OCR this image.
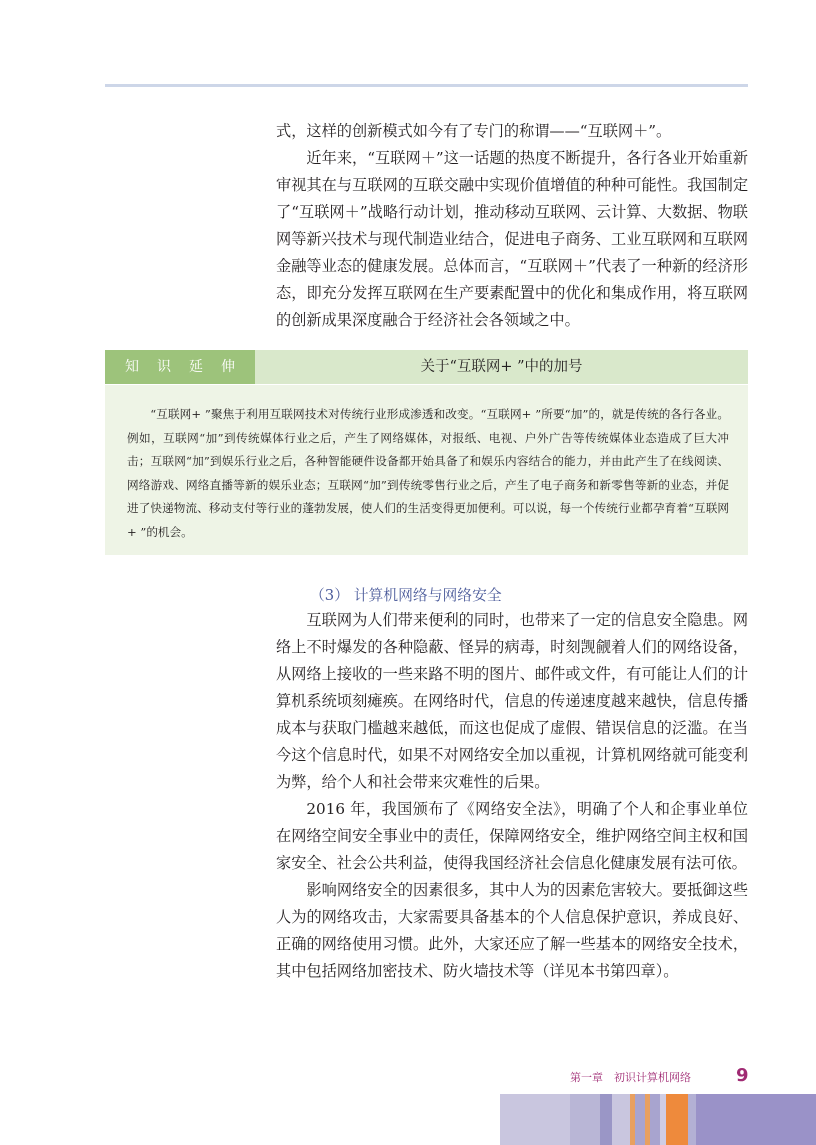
式，这样的创新模式如今有了专门的称谓——“互联网＋”。

近年来，“互联网＋”这一话题的热度不断提升，各行各业开始重新审视其在与互联网的互联交融中实现价值增值的种种可能性。我国制定了“互联网＋”战略行动计划，推动移动互联网、云计算、大数据、物联网等新兴技术与现代制造业结合，促进电子商务、工业互联网和互联网金融等业态的健康发展。总体而言，“互联网＋”代表了一种新的经济形态，即充分发挥互联网在生产要素配置中的优化和集成作用，将互联网的创新成果深度融合于经济社会各领域之中。

知识延伸	关于“互联网+ ”中的加号

“互联网+ ”聚焦于利用互联网技术对传统行业形成渗透和改变。“互联网+ ”所要“加”的，就是传统的各行各业。例如，互联网“加”到传统媒体行业之后，产生了网络媒体，对报纸、电视、户外广告等传统媒体业态造成了巨大冲击；互联网“加”到娱乐行业之后，各种智能硬件设备都开始具备了和娱乐内容结合的能力，并由此产生了在线阅读、网络游戏、网络直播等新的娱乐业态；互联网“加”到传统零售行业之后，产生了电子商务和新零售等新的业态，并促进了快递物流、移动支付等行业的蓬勃发展，使人们的生活变得更加便利。可以说，每一个传统行业都孕育着“互联网+ ”的机会。

（3） 计算机网络与网络安全

互联网为人们带来便利的同时，也带来了一定的信息安全隐患。网络上不时爆发的各种隐蔽、怪异的病毒，时刻觊觎着人们的网络设备，从网络上接收的一些来路不明的图片、邮件或文件，有可能让人们的计算机系统顷刻瘫痪。在网络时代，信息的传递速度越来越快，信息传播成本与获取门槛越来越低，而这也促成了虚假、错误信息的泛滥。在当今这个信息时代，如果不对网络安全加以重视，计算机网络就可能变利为弊，给个人和社会带来灾难性的后果。

2016 年，我国颁布了《网络安全法》，明确了个人和企事业单位在网络空间安全事业中的责任，保障网络安全，维护网络空间主权和国家安全、社会公共利益，使得我国经济社会信息化健康发展有法可依。

影响网络安全的因素很多，其中人为的因素危害较大。要抵御这些人为的网络攻击，大家需要具备基本的个人信息保护意识，养成良好、正确的网络使用习惯。此外，大家还应了解一些基本的网络安全技术，其中包括网络加密技术、防火墙技术等（详见本书第四章）。

第一章　初识计算机网络	9
